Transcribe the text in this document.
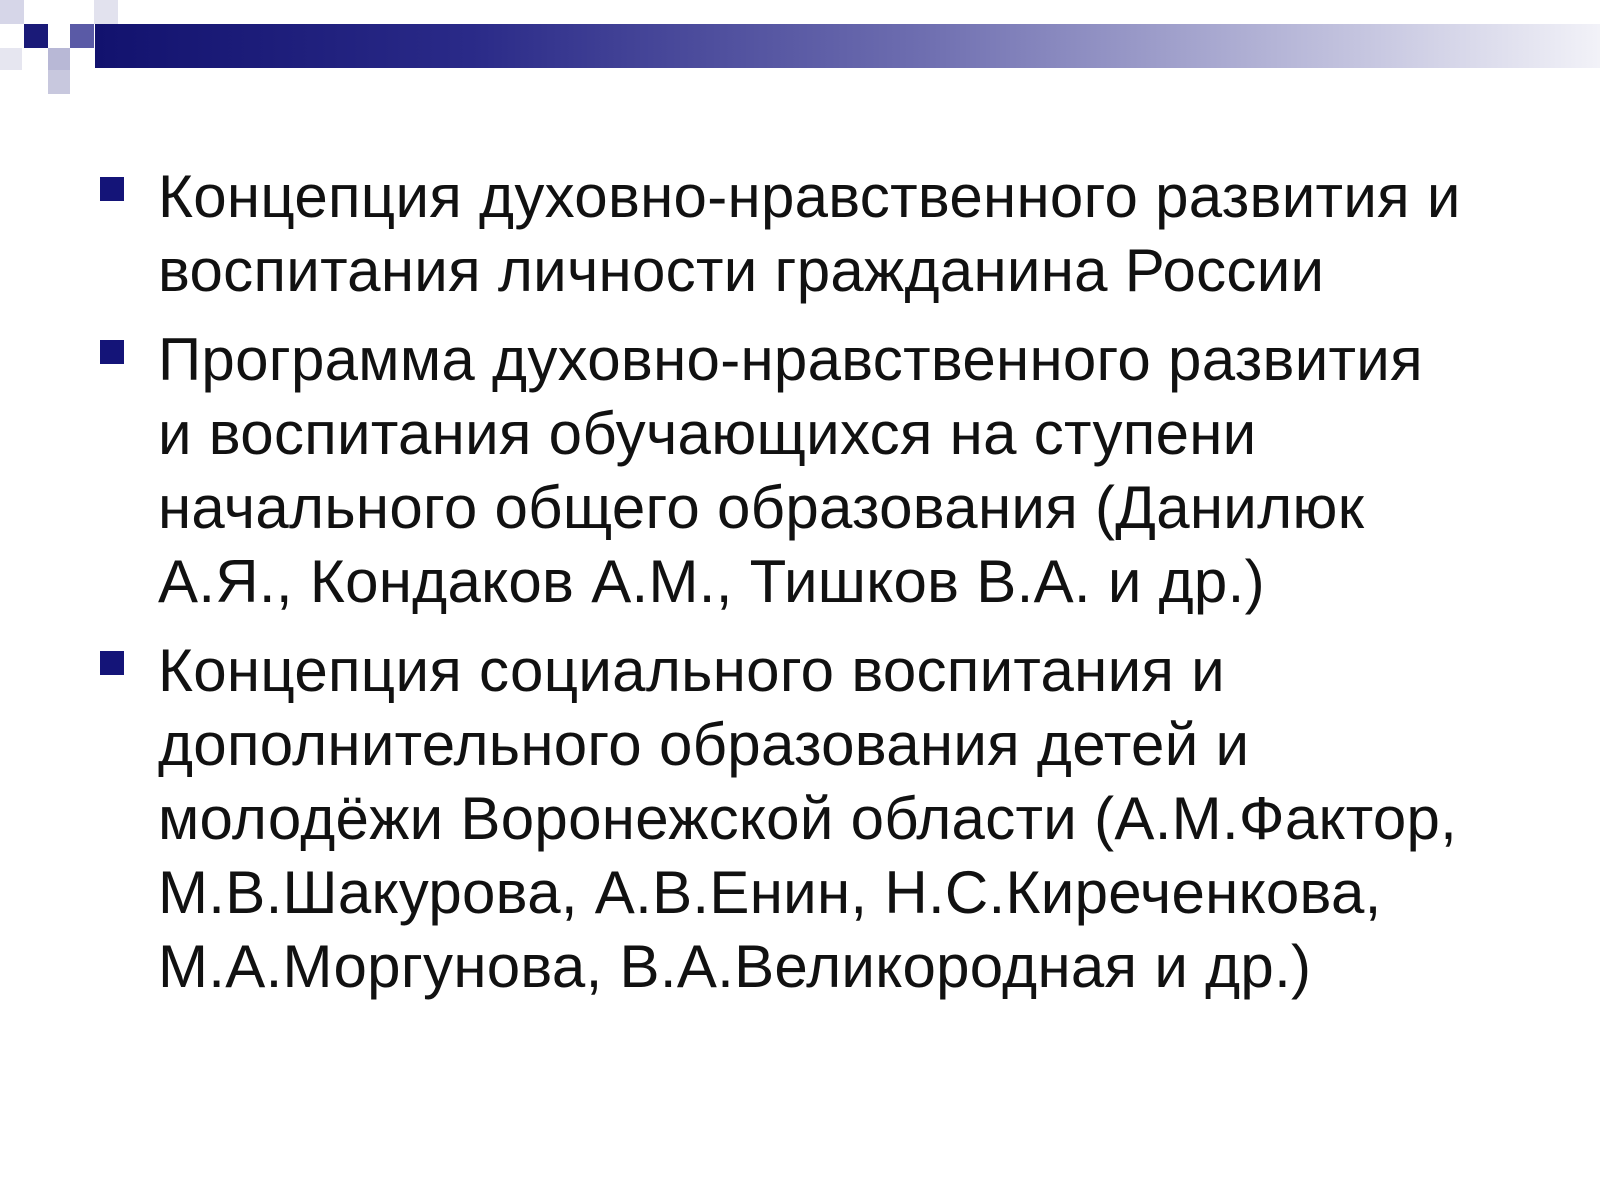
Концепция духовно-нравственного развития и
воспитания личности гражданина России
Программа духовно-нравственного развития
и воспитания обучающихся на ступени
начального общего образования (Данилюк
А.Я., Кондаков А.М., Тишков В.А. и др.)
Концепция социального воспитания и
дополнительного образования детей и
молодёжи Воронежской области (А.М.Фактор,
М.В.Шакурова, А.В.Енин, Н.С.Киреченкова,
М.А.Моргунова, В.А.Великородная и др.)
